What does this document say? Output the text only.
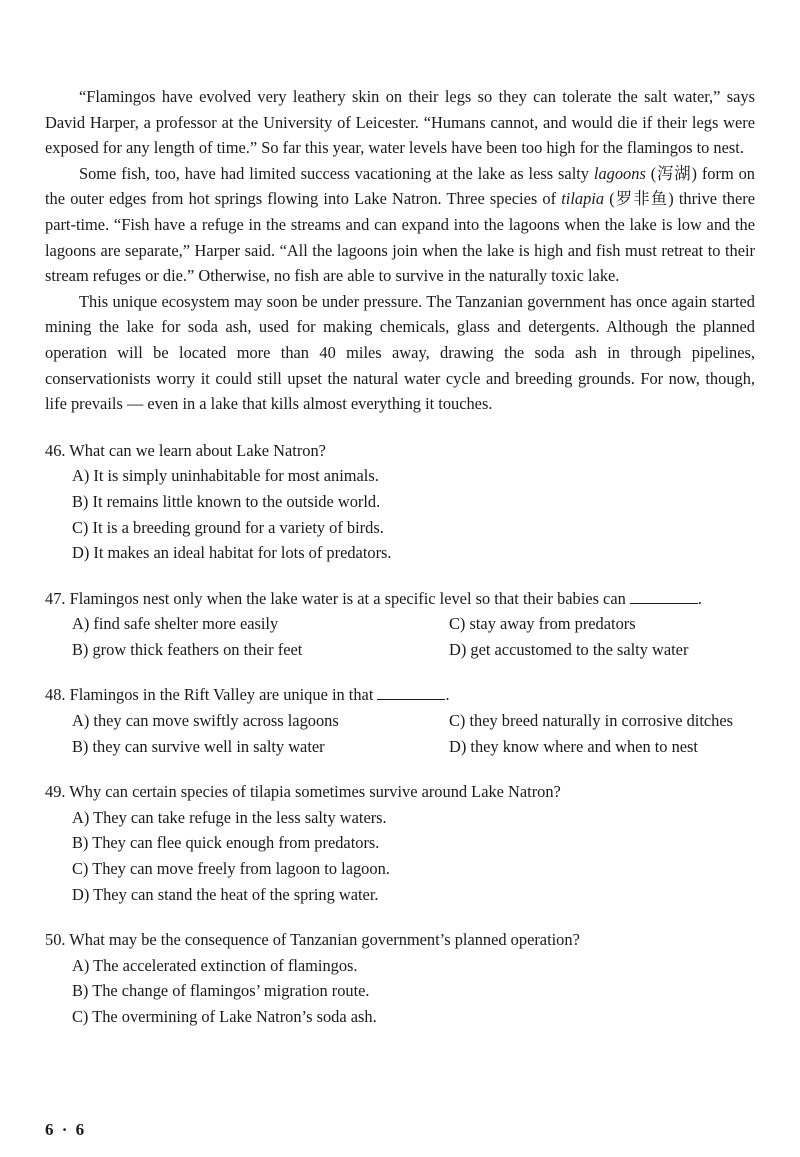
“Flamingos have evolved very leathery skin on their legs so they can tolerate the salt water,” says David Harper, a professor at the University of Leicester. “Humans cannot, and would die if their legs were exposed for any length of time.” So far this year, water levels have been too high for the flamingos to nest.

Some fish, too, have had limited success vacationing at the lake as less salty lagoons (泻湖) form on the outer edges from hot springs flowing into Lake Natron. Three species of tilapia (罗非鱼) thrive there part-time. “Fish have a refuge in the streams and can expand into the lagoons when the lake is low and the lagoons are separate,” Harper said. “All the lagoons join when the lake is high and fish must retreat to their stream refuges or die.” Otherwise, no fish are able to survive in the naturally toxic lake.

This unique ecosystem may soon be under pressure. The Tanzanian government has once again started mining the lake for soda ash, used for making chemicals, glass and detergents. Although the planned operation will be located more than 40 miles away, drawing the soda ash in through pipelines, conservationists worry it could still upset the natural water cycle and breeding grounds. For now, though, life prevails — even in a lake that kills almost everything it touches.

46. What can we learn about Lake Natron?

A) It is simply uninhabitable for most animals.
B) It remains little known to the outside world.
C) It is a breeding ground for a variety of birds.
D) It makes an ideal habitat for lots of predators.

47. Flamingos nest only when the lake water is at a specific level so that their babies can	.

A) find safe shelter more easily	C) stay away from predators
B) grow thick feathers on their feet	D) get accustomed to the salty water

48. Flamingos in the Rift Valley are unique in that	.

A) they can move swiftly across lagoons	C) they breed naturally in corrosive ditches
B) they can survive well in salty water	D) they know where and when to nest

49. Why can certain species of tilapia sometimes survive around Lake Natron?

A) They can take refuge in the less salty waters.
B) They can flee quick enough from predators.
C) They can move freely from lagoon to lagoon.
D) They can stand the heat of the spring water.

50. What may be the consequence of Tanzanian government’s planned operation?

A) The accelerated extinction of flamingos.
B) The change of flamingos’ migration route.
C) The overmining of Lake Natron’s soda ash.
6 · 6
